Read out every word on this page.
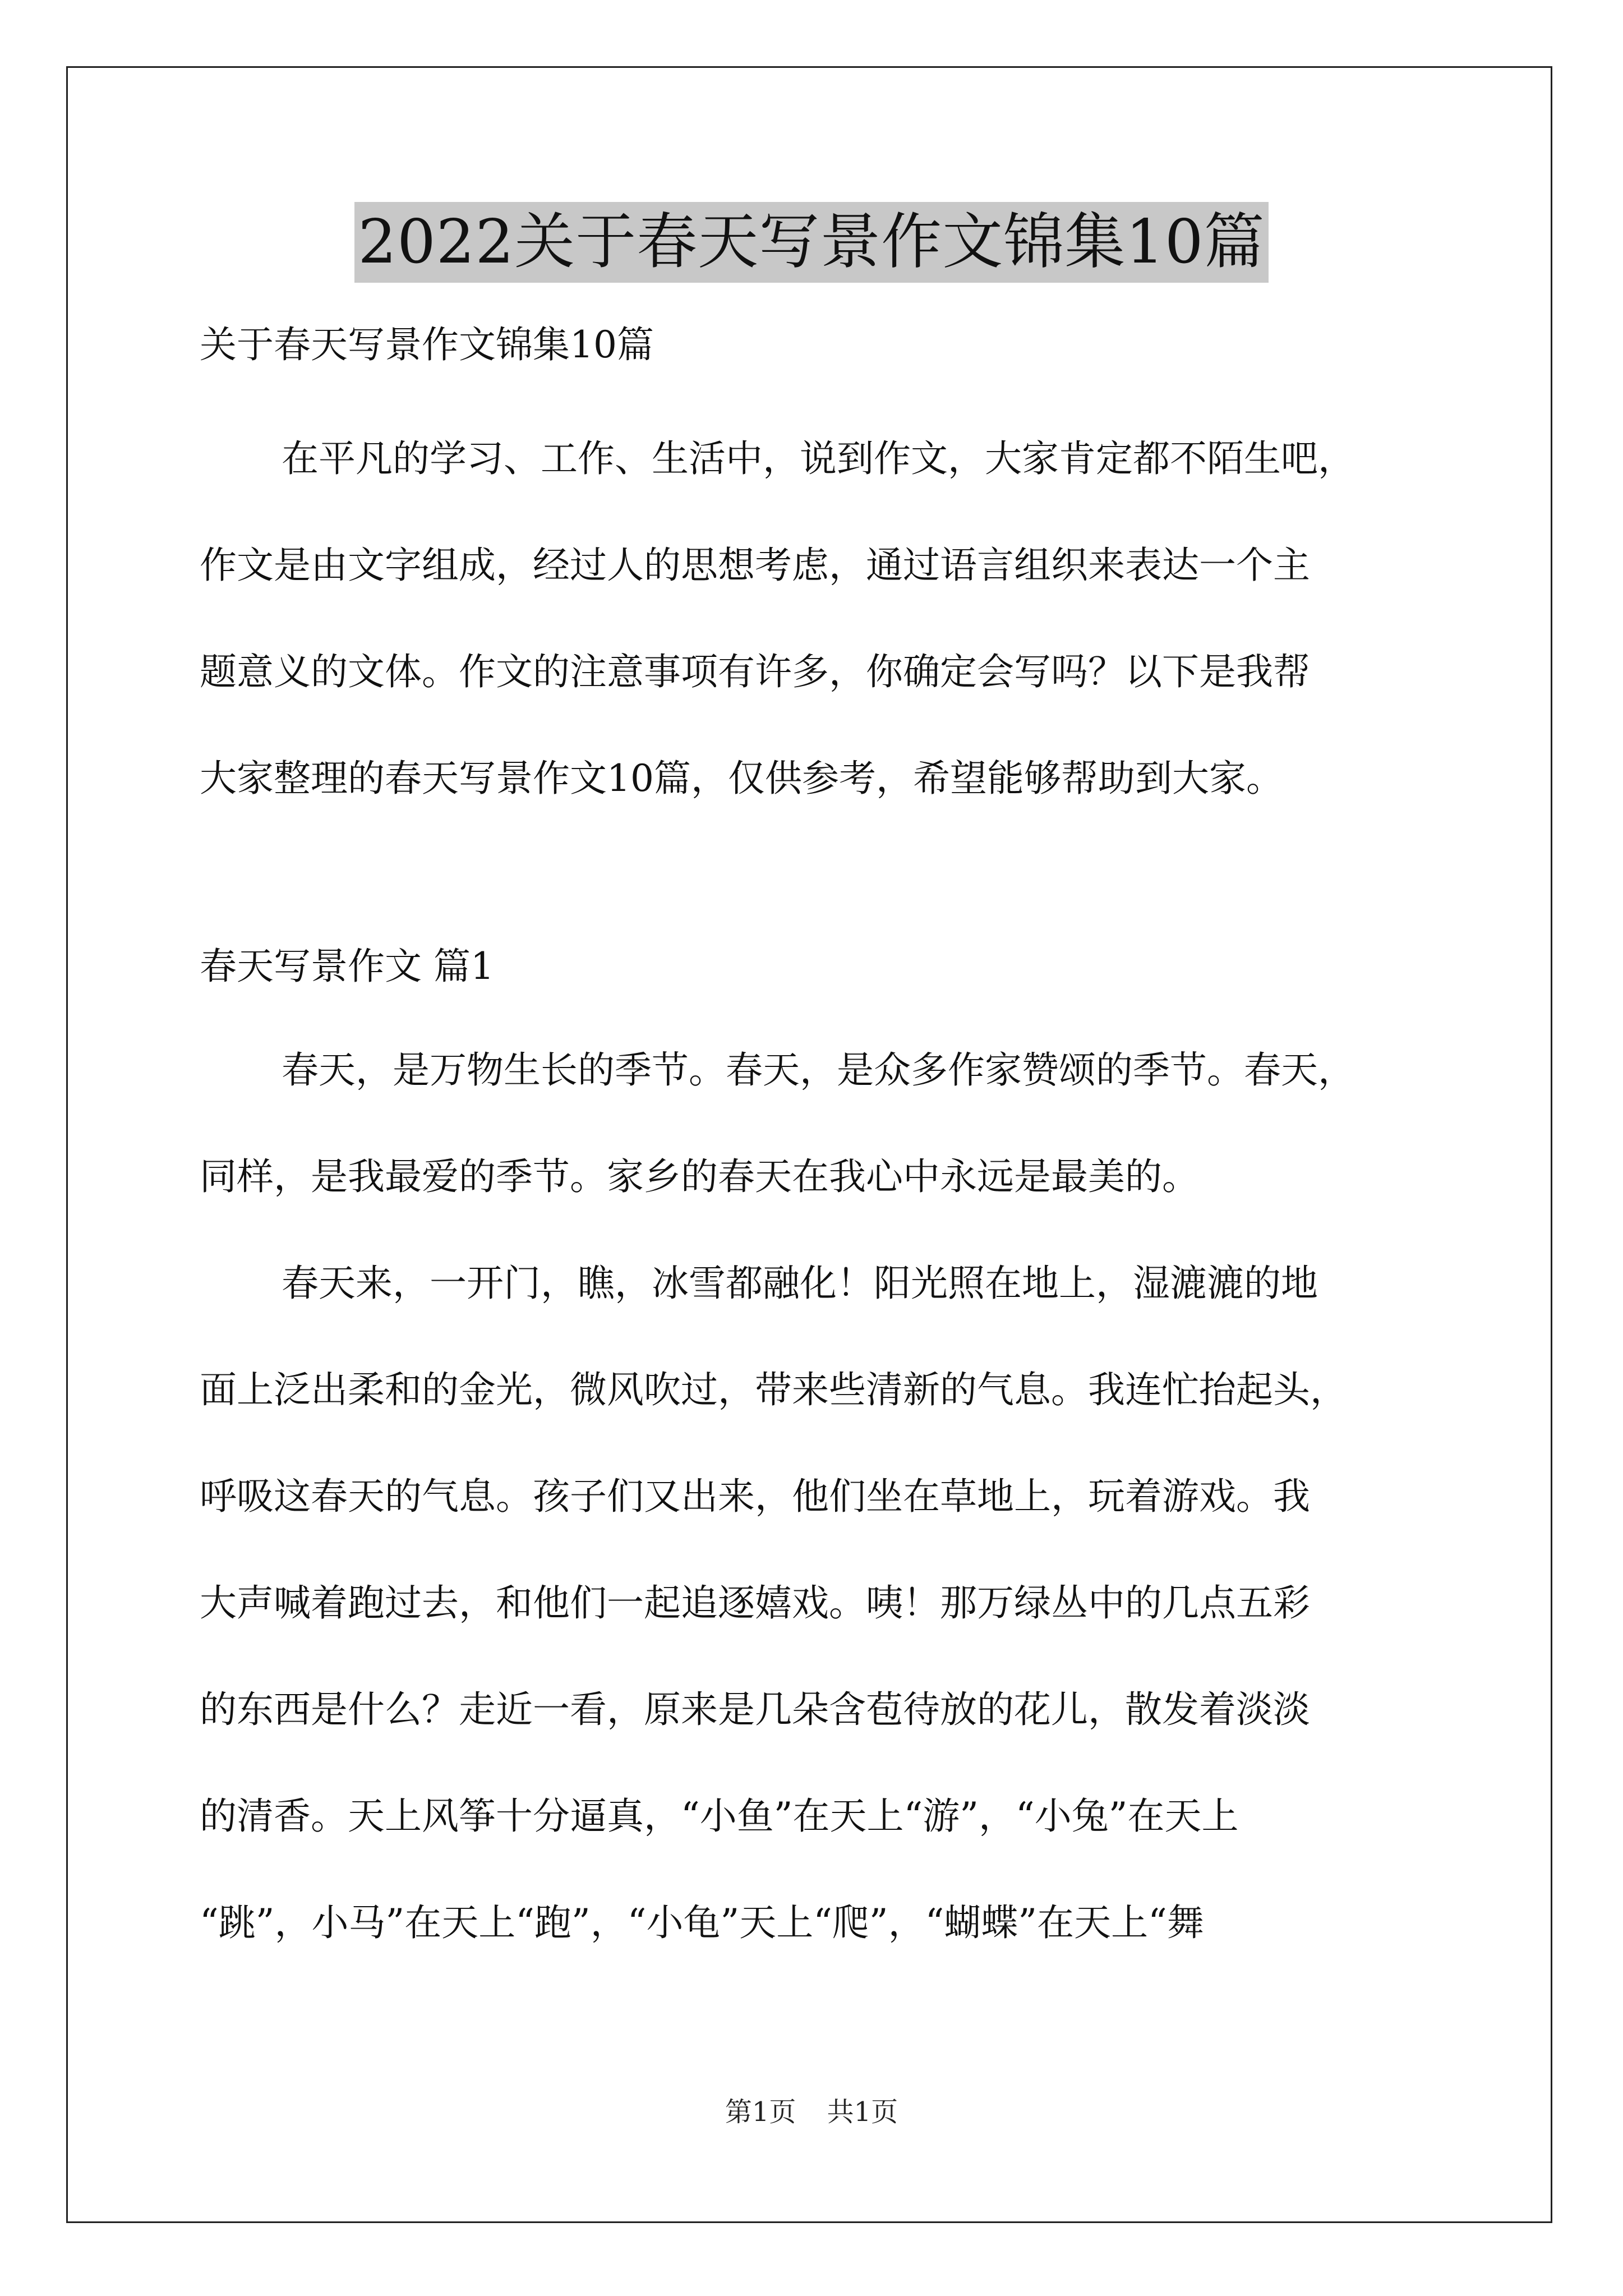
2022关于春天写景作文锦集10篇

关于春天写景作文锦集10篇

在平凡的学习、工作、生活中，说到作文，大家肯定都不陌生吧，
作文是由文字组成，经过人的思想考虑，通过语言组织来表达一个主
题意义的文体。作文的注意事项有许多，你确定会写吗？以下是我帮
大家整理的春天写景作文10篇，仅供参考，希望能够帮助到大家。

春天写景作文 篇1

春天，是万物生长的季节。春天，是众多作家赞颂的季节。春天，
同样，是我最爱的季节。家乡的春天在我心中永远是最美的。

春天来，一开门，瞧，冰雪都融化！阳光照在地上，湿漉漉的地
面上泛出柔和的金光，微风吹过，带来些清新的气息。我连忙抬起头，
呼吸这春天的气息。孩子们又出来，他们坐在草地上，玩着游戏。我
大声喊着跑过去，和他们一起追逐嬉戏。咦！那万绿丛中的几点五彩
的东西是什么？走近一看，原来是几朵含苞待放的花儿，散发着淡淡
的清香。天上风筝十分逼真，“小鱼”在天上“游”，“小兔”在天上
“跳”，小马”在天上“跑”，“小龟”天上“爬”，“蝴蝶”在天上“舞

第1页 共1页
